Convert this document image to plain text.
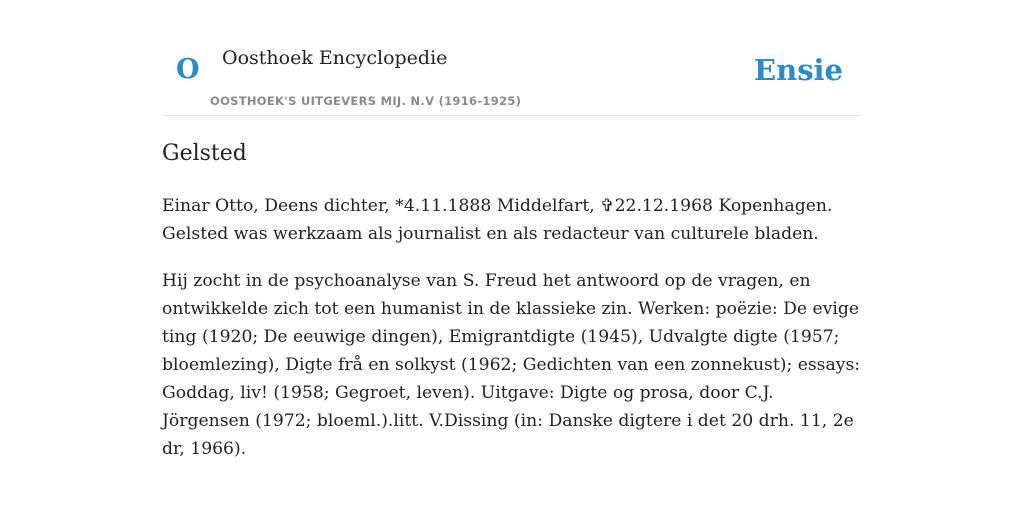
O Oosthoek Encyclopedie
OOSTHOEK'S UITGEVERS MIJ. N.V (1916-1925)
Ensie
Gelsted

Einar Otto, Deens dichter, *4.11.1888 Middelfart, ✞22.12.1968 Kopenhagen. Gelsted was werkzaam als journalist en als redacteur van culturele bladen.

Hij zocht in de psychoanalyse van S. Freud het antwoord op de vragen, en ontwikkelde zich tot een humanist in de klassieke zin. Werken: poëzie: De evige ting (1920; De eeuwige dingen), Emigrantdigte (1945), Udvalgte digte (1957; bloemlezing), Digte frå en solkyst (1962; Gedichten van een zonnekust); essays: Goddag, liv! (1958; Gegroet, leven). Uitgave: Digte og prosa, door C.J. Jörgensen (1972; bloeml.).litt. V.Dissing (in: Danske digtere i det 20 drh. 11, 2e dr, 1966).
